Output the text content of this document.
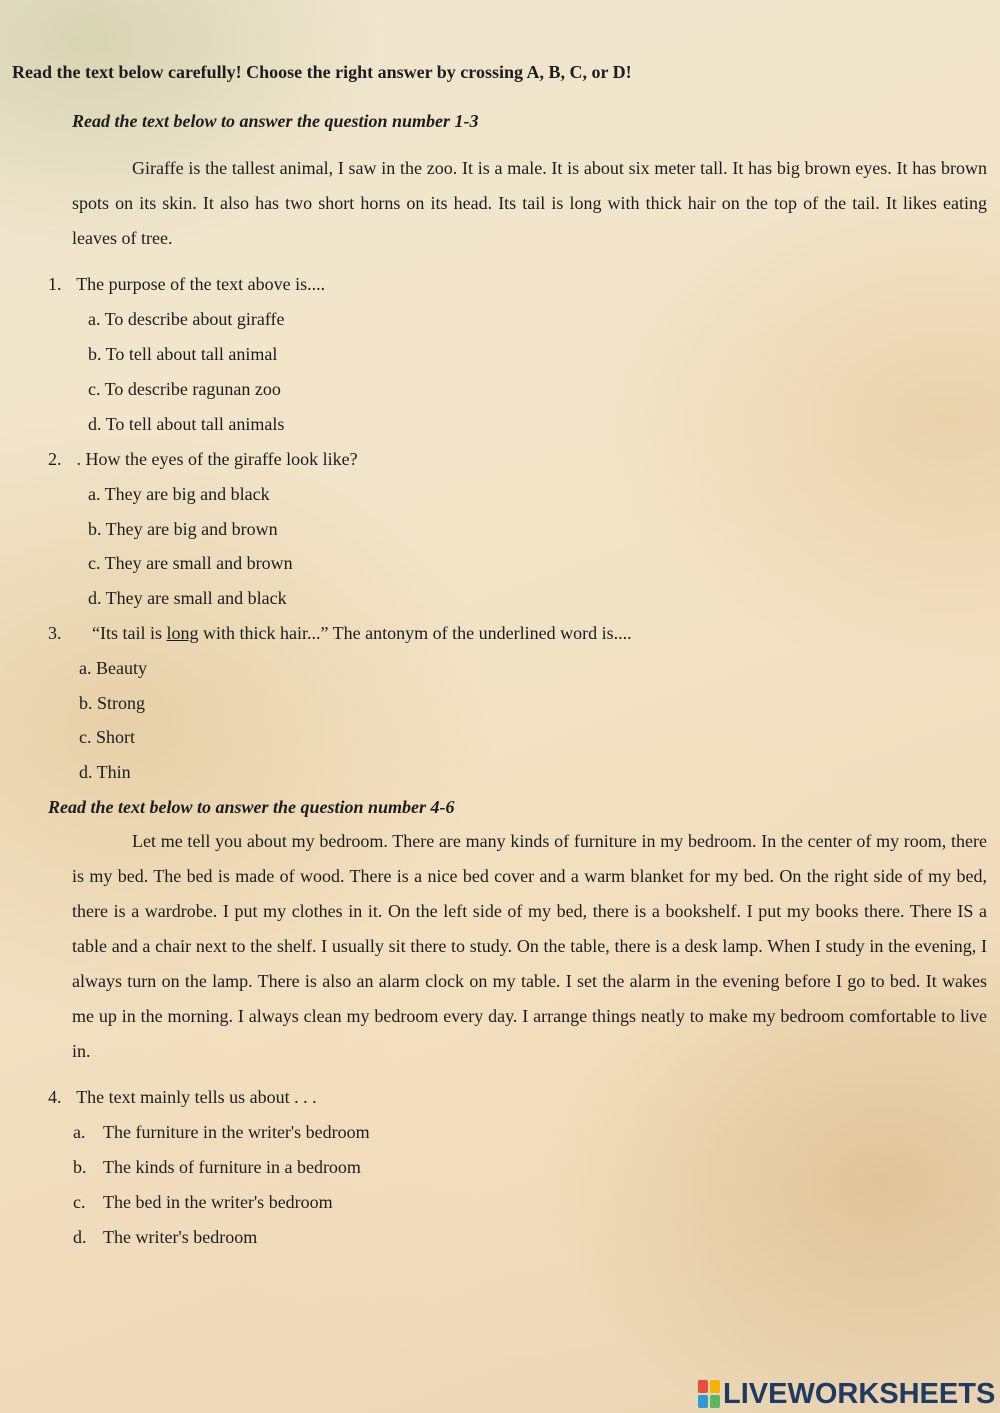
Read the text below carefully! Choose the right answer by crossing A, B, C, or D!
Read the text below to answer the question number 1-3
Giraffe is the tallest animal, I saw in the zoo. It is a male. It is about six meter tall. It has big brown eyes. It has brown spots on its skin. It also has two short horns on its head. Its tail is long with thick hair on the top of the tail. It likes eating leaves of tree.
1. The purpose of the text above is....
a. To describe about giraffe
b. To tell about tall animal
c. To describe ragunan zoo
d. To tell about tall animals
2. . How the eyes of the giraffe look like?
a. They are big and black
b. They are big and brown
c. They are small and brown
d. They are small and black
3. “Its tail is long with thick hair...” The antonym of the underlined word is....
a. Beauty
b. Strong
c. Short
d. Thin
Read the text below to answer the question number 4-6
Let me tell you about my bedroom. There are many kinds of furniture in my bedroom. In the center of my room, there is my bed. The bed is made of wood. There is a nice bed cover and a warm blanket for my bed. On the right side of my bed, there is a wardrobe. I put my clothes in it. On the left side of my bed, there is a bookshelf. I put my books there. There IS a table and a chair next to the shelf. I usually sit there to study. On the table, there is a desk lamp. When I study in the evening, I always turn on the lamp. There is also an alarm clock on my table. I set the alarm in the evening before I go to bed. It wakes me up in the morning. I always clean my bedroom every day. I arrange things neatly to make my bedroom comfortable to live in.
4. The text mainly tells us about . . .
a. The furniture in the writer's bedroom
b. The kinds of furniture in a bedroom
c. The bed in the writer's bedroom
d. The writer's bedroom
LIVEWORKSHEETS
